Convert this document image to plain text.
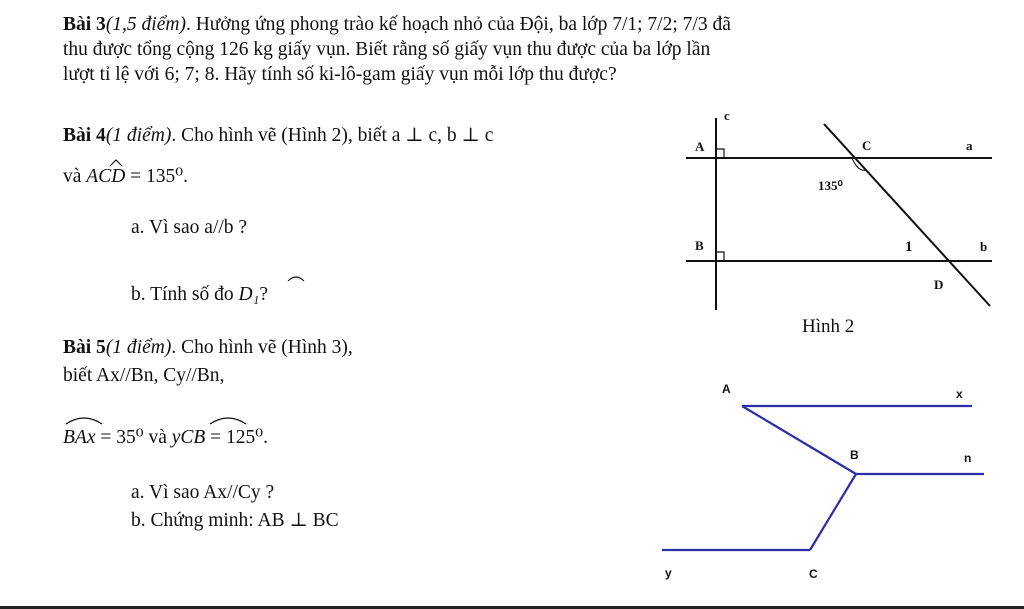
Bài 3(1,5 điểm). Hưởng ứng phong trào kế hoạch nhỏ của Đội, ba lớp 7/1; 7/2; 7/3 đã

thu được tổng cộng 126 kg giấy vụn. Biết rằng số giấy vụn thu được của ba lớp lần

lượt tỉ lệ với 6; 7; 8. Hãy tính số ki-lô-gam giấy vụn mỗi lớp thu được?

Bài 4(1 điểm). Cho hình vẽ (Hình 2), biết a ⊥ c, b ⊥ c

và ACD = 135⁰.

a. Vì sao a//b ?

b. Tính số đo D₁?

Bài 5(1 điểm). Cho hình vẽ (Hình 3),

biết Ax//Bn, Cy//Bn,

BAx = 35⁰ và yCB = 125⁰.

a. Vì sao Ax//Cy ?

b. Chứng minh: AB ⊥ BC

c
A	C	a
135⁰
B	1	b
D
Hình 2
A	x
B	n
y	C
